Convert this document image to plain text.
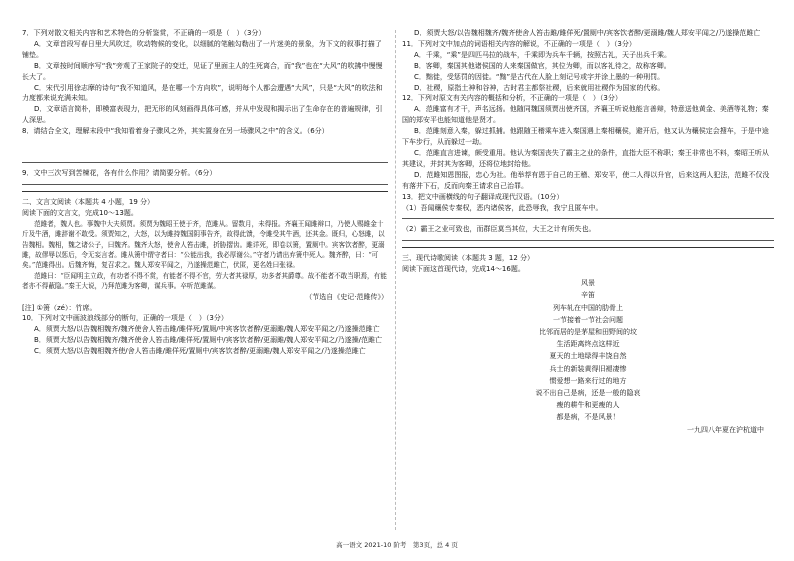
7．下列对散文相关内容和艺术特色的分析鉴赏，不正确的一项是（　）（3分）

A．文章首段写春日里大风吹过，吹动物候的变化，以细腻的笔触勾勒出了一片迷美的景象，为下文的叙事打描了铺垫。

B．文章按时间顺序写“我”旁观了王家院子的变迁，见证了里面主人的生死离合，而“我”也在“大风”的吹拂中慢慢长大了。

C．宋代引用徐志摩的诗句“我不知道风，是在哪一个方向吹”，说明每个人都会遭遇“大风”，只是“大风”的吹法和力度都来说充满未知。

D．文章语言简朴，即模富表现力，把无形的风刻画得具体可感，并从中发现和揭示出了生命存在的普遍规律，引人深思。

8．请结合全文，理解末段中“我知看着身子骤风之外，其实置身在另一场骤风之中”的含义。（6分）

9．文中三次写到苦楝花，各有什么作用？请简要分析。（6分）

二、文言文阅读（本题共 4 小题，19 分）

阅读下面的文言文，完成10～13题。

范雎者，魏人也。事魏中大夫须贾。须贾为魏昭王使于齐，范雎从。留数月，未得报。齐襄王闻雎辩口，乃使人赐雎金十斤及牛酒，雎辞谢不敢受。须贾知之，大怒，以为雎持魏国阴事告齐，故得此馈，令雎受其牛酒，还其金。既归，心怒雎，以告魏相。魏相，魏之诸公子，曰魏齐。魏齐大怒，使舍人笞击雎，折胁摺齿。雎详死，即卷以箦，置厕中。宾客饮者醉，更溺雎，故僇辱以惩后，令无妄言者。雎从箦中谓守者曰：“公能出我，我必厚谢公。”守者乃请出弃箦中死人。魏齐醉，曰：“可矣。”范雎得出。后魏齐悔，复召求之。魏人郑安平闻之，乃遂操范雎亡，伏匿，更名姓曰张禄。

范雎曰：“臣闻明主立政，有功者不得不赏，有能者不得不官，劳大者其禄厚，功多者其爵尊。故不能者不敢当职焉，有能者亦不得蔽隐。”秦王大说，乃拜范雎为客卿，谋兵事。卒听范雎谋。

（节选自《史记·范雎传》）

[注] ①箦（zé）：竹席。

10．下列对文中画波浪线部分的断句，正确的一项是（　）（3分）

A．须贾大怒/以告魏相魏齐/魏齐使舍人笞击雎/雎佯死/置厕/中宾客饮者醉/更溺雎/魏人郑安平闻之/乃遂操范雎亡

B．须贾大怒/以告魏相魏齐/魏齐使舍人笞击雎/雎佯死/置厕中/宾客饮者醉/更溺雎/魏人郑安平闻之/乃遂操/范雎亡

C．须贾大怒/以告魏相魏齐使/舍人笞击雎/雎佯死/置厕中/宾客饮者醉/更溺雎/魏人郑安平闻之/乃遂操范雎亡

D．须贾大怒/以告魏相魏齐/魏齐使舍人笞击雎/雎佯死/置厕中/宾客饮者醉/更溺雎/魏人郑安平闻之/乃遂操范雎亡

11．下列对文中加点的词语相关内容的解说，不正确的一项是（　）（3分）

A．千乘，“乘”是四匹马拉的战车，千乘即为兵车千辆，按照古礼，天子出兵千乘。

B．客卿，秦国其他诸侯国的人来秦国做官，其位为卿，而以客礼待之，故称客卿。

C．黜徙，受惩罚的因徙。“黜”是古代在人脸上刻记号或字并涂上墨的一种刑罚。

D．社稷，原指土神和谷神，古时君主都祭社稷，后来就用社稷作为国家的代称。

12．下列对原文有关内容的概括和分析，不正确的一项是（　）（3分）

A．范雎富有才干，声名远扬。他随同魏国须贾出使齐国，齐襄王听说他能言善辩，特意送他黄金、美酒等礼物；秦国的郑安平也能知道他是贤才。

B．范雎刻意入秦，躲过抓捕。他跟随王稽乘车进入秦国遇上秦相穰侯，避开后，他又认为穰侯定会搜车，于是中途下车步行，从而躲过一劫。

C．范雎直言进谏，颇受重用。他认为秦国丧失了霸主之业的条件，直指大臣不称职；秦王非常也不料，秦昭王听从其建议，并封其为客卿，还将位地封给他。

D．范雎知恩图报，忠心为社。他举荐有恩于自己的王稽、郑安平，使二人得以升官，后来这两人犯法，范雎不仅没有落井下石，反而向秦王请求自己治罪。

13．把文中画横线的句子翻译成现代汉语。（10分）

（1）吾闻穰侯专秦权，恶内诸侯客，此恐辱我，我宁且匿车中。

（2）霸王之业可致也，而群臣莫当其位，大王之计有所失也。

三、现代诗歌阅读（本题共 3 题，12 分）

阅读下面这首现代诗，完成14～16题。

风景
辛笛
列车轧在中国的肋骨上
一节接着一节社会问题
比邻而居的是茅屋和田野间的坟
生活距离终点这样近
夏天的土地绿得丰饶自然
兵士的新装黄得旧褪凄惨
惯爱想一路来行过的地方
说不出自己是病，还是一般的隐哀
瘦的耕牛和更瘦的人
都是病，不是风景！
一九四八年夏在沪杭道中
高一语文 2021-10 阶考　第3页，总 4 页
